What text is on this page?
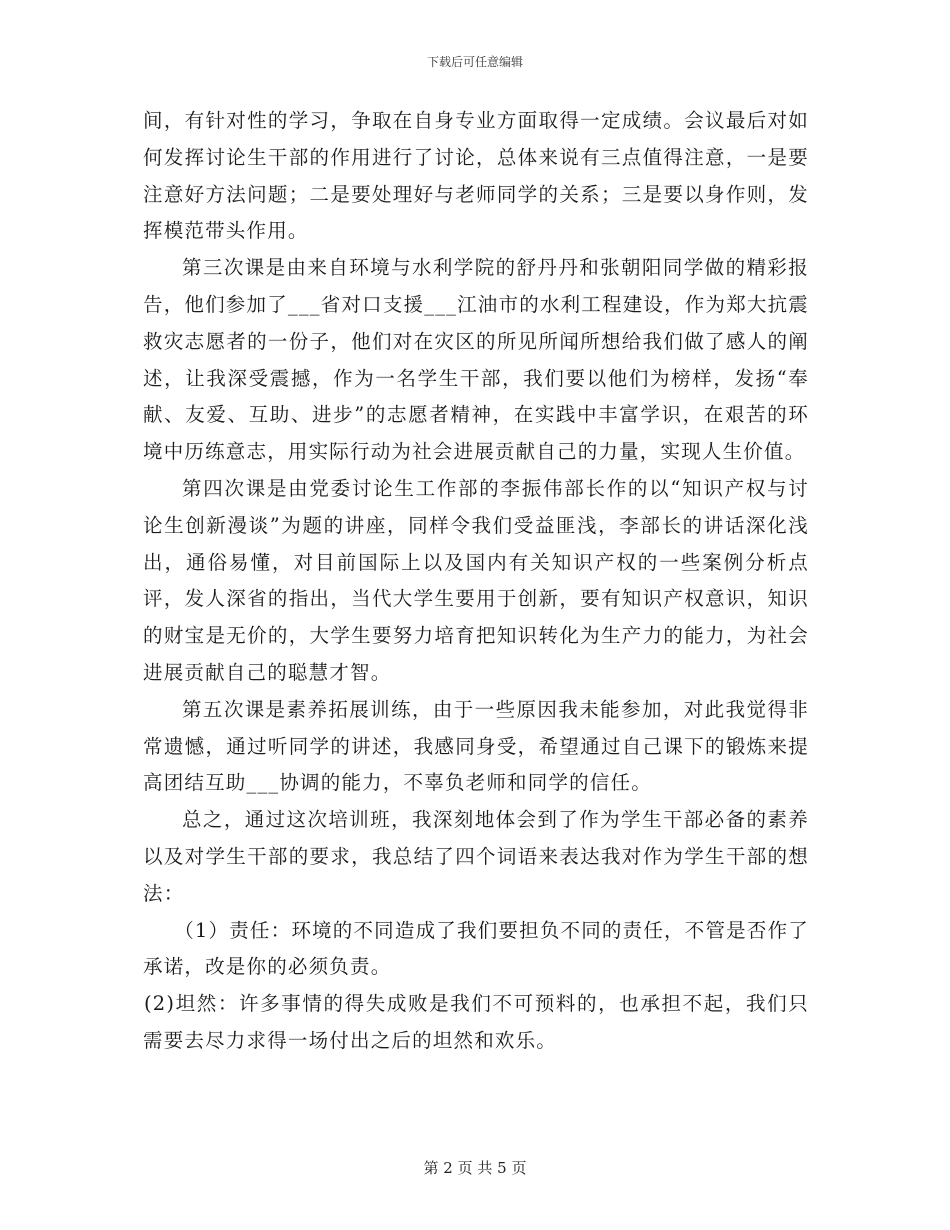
下载后可任意编辑

间，有针对性的学习，争取在自身专业方面取得一定成绩。会议最后对如何发挥讨论生干部的作用进行了讨论，总体来说有三点值得注意，一是要注意好方法问题；二是要处理好与老师同学的关系；三是要以身作则，发挥模范带头作用。

第三次课是由来自环境与水利学院的舒丹丹和张朝阳同学做的精彩报告，他们参加了___省对口支援___江油市的水利工程建设，作为郑大抗震救灾志愿者的一份子，他们对在灾区的所见所闻所想给我们做了感人的阐述，让我深受震撼，作为一名学生干部，我们要以他们为榜样，发扬“奉献、友爱、互助、进步”的志愿者精神，在实践中丰富学识，在艰苦的环境中历练意志，用实际行动为社会进展贡献自己的力量，实现人生价值。

第四次课是由党委讨论生工作部的李振伟部长作的以“知识产权与讨论生创新漫谈”为题的讲座，同样令我们受益匪浅，李部长的讲话深化浅出，通俗易懂，对目前国际上以及国内有关知识产权的一些案例分析点评，发人深省的指出，当代大学生要用于创新，要有知识产权意识，知识的财宝是无价的，大学生要努力培育把知识转化为生产力的能力，为社会进展贡献自己的聪慧才智。

第五次课是素养拓展训练，由于一些原因我未能参加，对此我觉得非常遗憾，通过听同学的讲述，我感同身受，希望通过自己课下的锻炼来提高团结互助___协调的能力，不辜负老师和同学的信任。

总之，通过这次培训班，我深刻地体会到了作为学生干部必备的素养以及对学生干部的要求，我总结了四个词语来表达我对作为学生干部的想法：

（1）责任：环境的不同造成了我们要担负不同的责任，不管是否作了承诺，改是你的必须负责。

(2)坦然：许多事情的得失成败是我们不可预料的，也承担不起，我们只需要去尽力求得一场付出之后的坦然和欢乐。

第 2 页 共 5 页
